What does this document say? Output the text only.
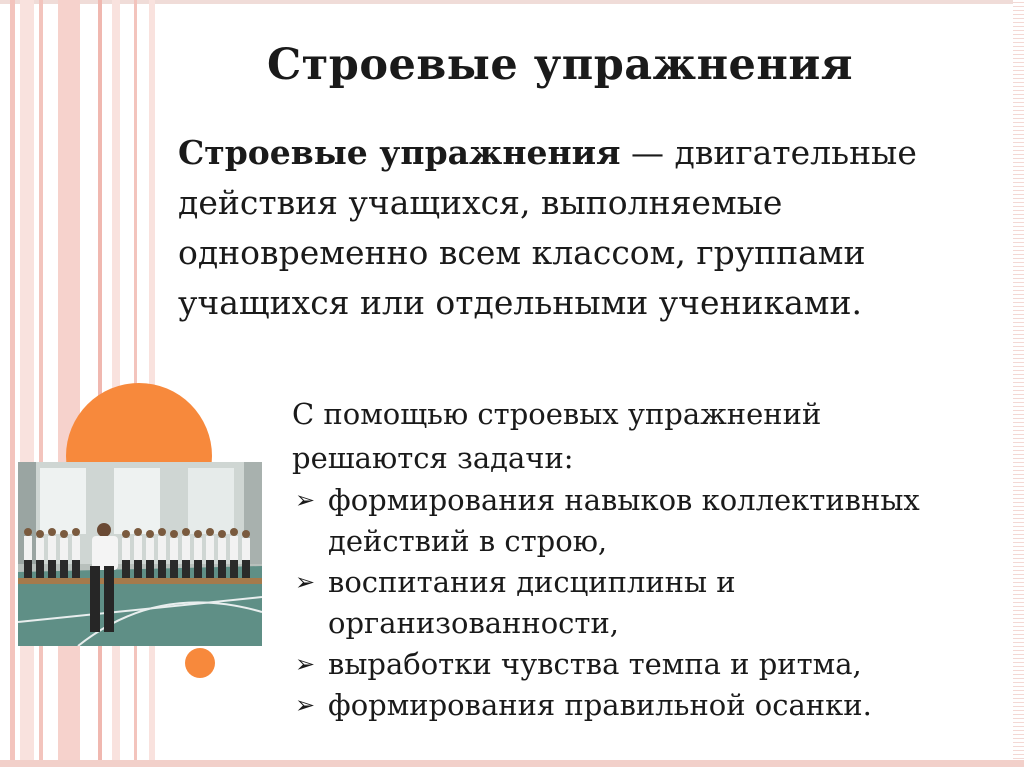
Строевые упражнения

Строевые упражнения — двигательные действия учащихся, выполняемые одновременно всем классом, группами учащихся или отдельными учениками.

С помощью строевых упражнений решаются задачи:

➢ формирования навыков коллективных действий в строю,
➢ воспитания дисциплины и организованности,
➢ выработки чувства темпа и ритма,
➢ формирования правильной осанки.
